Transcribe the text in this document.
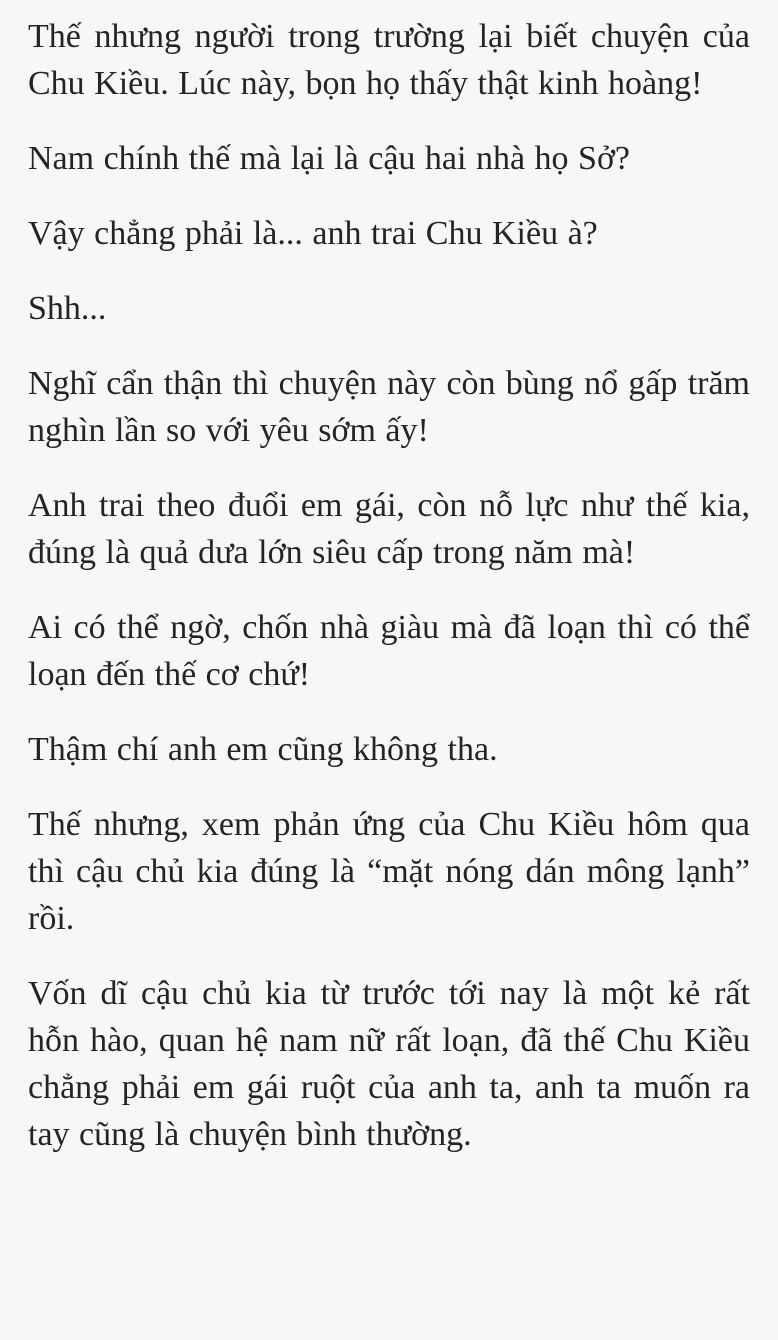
Thế nhưng người trong trường lại biết chuyện của Chu Kiều. Lúc này, bọn họ thấy thật kinh hoàng!

Nam chính thế mà lại là cậu hai nhà họ Sở?

Vậy chẳng phải là... anh trai Chu Kiều à?

Shh...

Nghĩ cẩn thận thì chuyện này còn bùng nổ gấp trăm nghìn lần so với yêu sớm ấy!

Anh trai theo đuổi em gái, còn nỗ lực như thế kia, đúng là quả dưa lớn siêu cấp trong năm mà!

Ai có thể ngờ, chốn nhà giàu mà đã loạn thì có thể loạn đến thế cơ chứ!

Thậm chí anh em cũng không tha.

Thế nhưng, xem phản ứng của Chu Kiều hôm qua thì cậu chủ kia đúng là “mặt nóng dán mông lạnh” rồi.

Vốn dĩ cậu chủ kia từ trước tới nay là một kẻ rất hỗn hào, quan hệ nam nữ rất loạn, đã thế Chu Kiều chẳng phải em gái ruột của anh ta, anh ta muốn ra tay cũng là chuyện bình thường.
